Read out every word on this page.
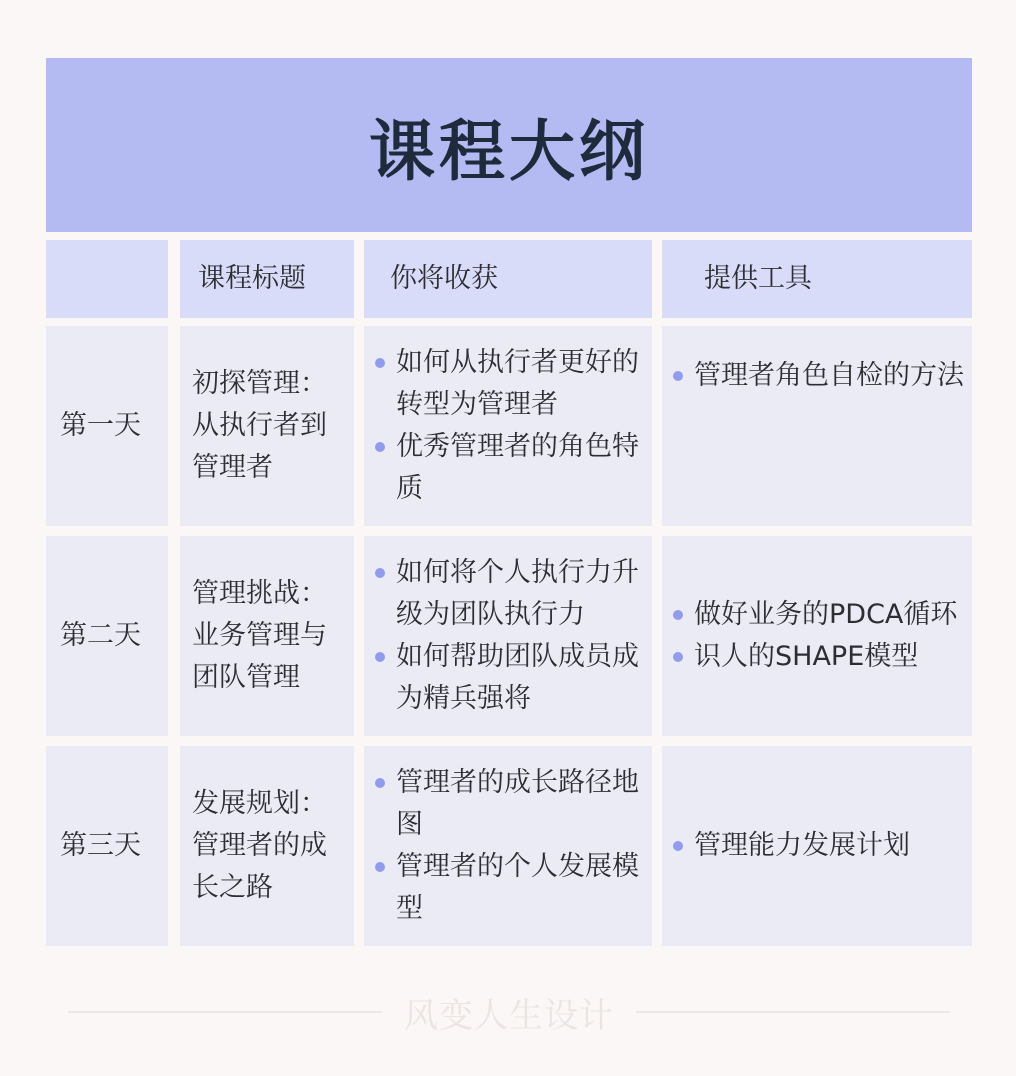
课程大纲
课程标题	你将收获	提供工具
第一天
初探管理：从执行者到管理者
如何从执行者更好的转型为管理者
优秀管理者的角色特质
管理者角色自检的方法
第二天
管理挑战：业务管理与团队管理
如何将个人执行力升级为团队执行力
如何帮助团队成员成为精兵强将
做好业务的PDCA循环
识人的SHAPE模型
第三天
发展规划：管理者的成长之路
管理者的成长路径地图
管理者的个人发展模型
管理能力发展计划
风变人生设计
